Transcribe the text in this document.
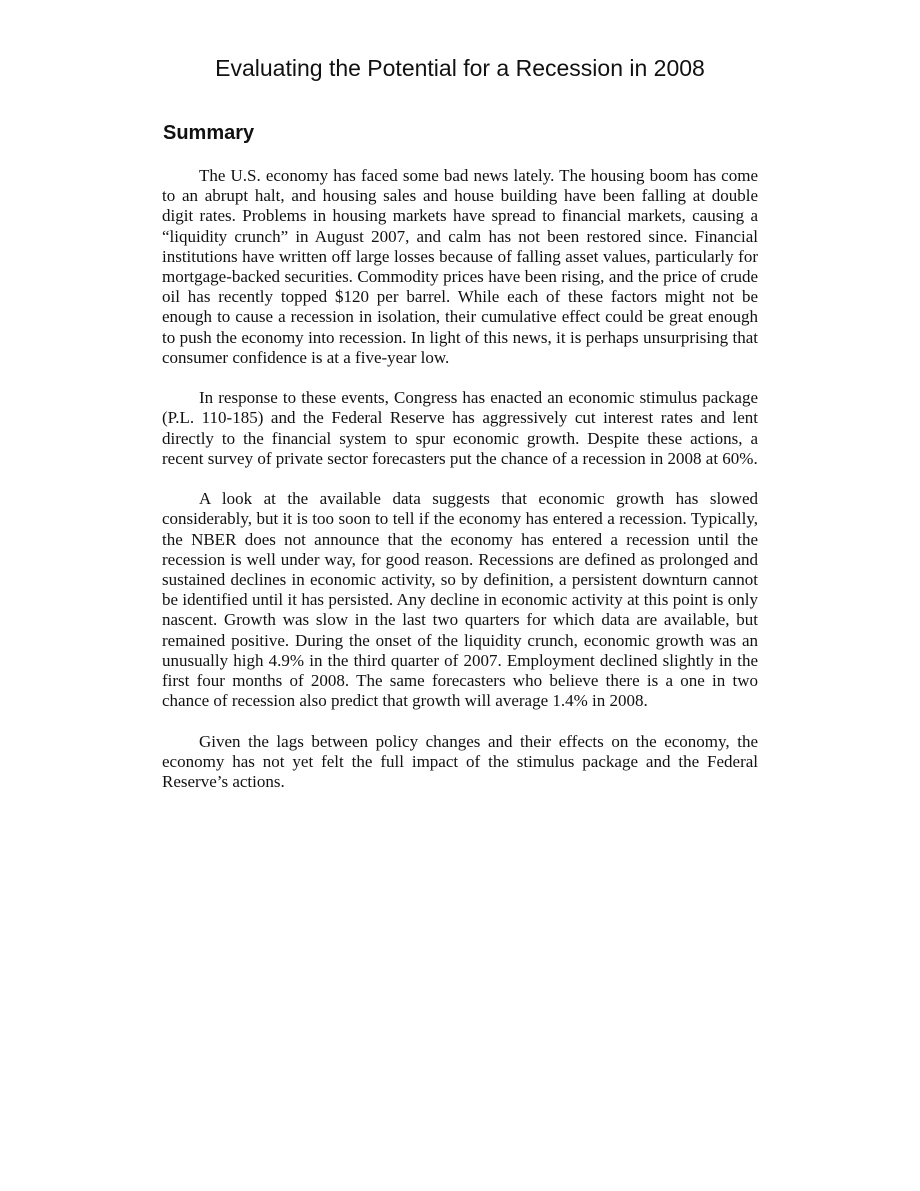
Evaluating the Potential for a Recession in 2008
Summary

The U.S. economy has faced some bad news lately. The housing boom has come to an abrupt halt, and housing sales and house building have been falling at double digit rates. Problems in housing markets have spread to financial markets, causing a “liquidity crunch” in August 2007, and calm has not been restored since. Financial institutions have written off large losses because of falling asset values, particularly for mortgage-backed securities. Commodity prices have been rising, and the price of crude oil has recently topped $120 per barrel. While each of these factors might not be enough to cause a recession in isolation, their cumulative effect could be great enough to push the economy into recession. In light of this news, it is perhaps unsurprising that consumer confidence is at a five-year low.

In response to these events, Congress has enacted an economic stimulus package (P.L. 110-185) and the Federal Reserve has aggressively cut interest rates and lent directly to the financial system to spur economic growth. Despite these actions, a recent survey of private sector forecasters put the chance of a recession in 2008 at 60%.

A look at the available data suggests that economic growth has slowed considerably, but it is too soon to tell if the economy has entered a recession. Typically, the NBER does not announce that the economy has entered a recession until the recession is well under way, for good reason. Recessions are defined as prolonged and sustained declines in economic activity, so by definition, a persistent downturn cannot be identified until it has persisted. Any decline in economic activity at this point is only nascent. Growth was slow in the last two quarters for which data are available, but remained positive. During the onset of the liquidity crunch, economic growth was an unusually high 4.9% in the third quarter of 2007. Employment declined slightly in the first four months of 2008. The same forecasters who believe there is a one in two chance of recession also predict that growth will average 1.4% in 2008.

Given the lags between policy changes and their effects on the economy, the economy has not yet felt the full impact of the stimulus package and the Federal Reserve’s actions.
